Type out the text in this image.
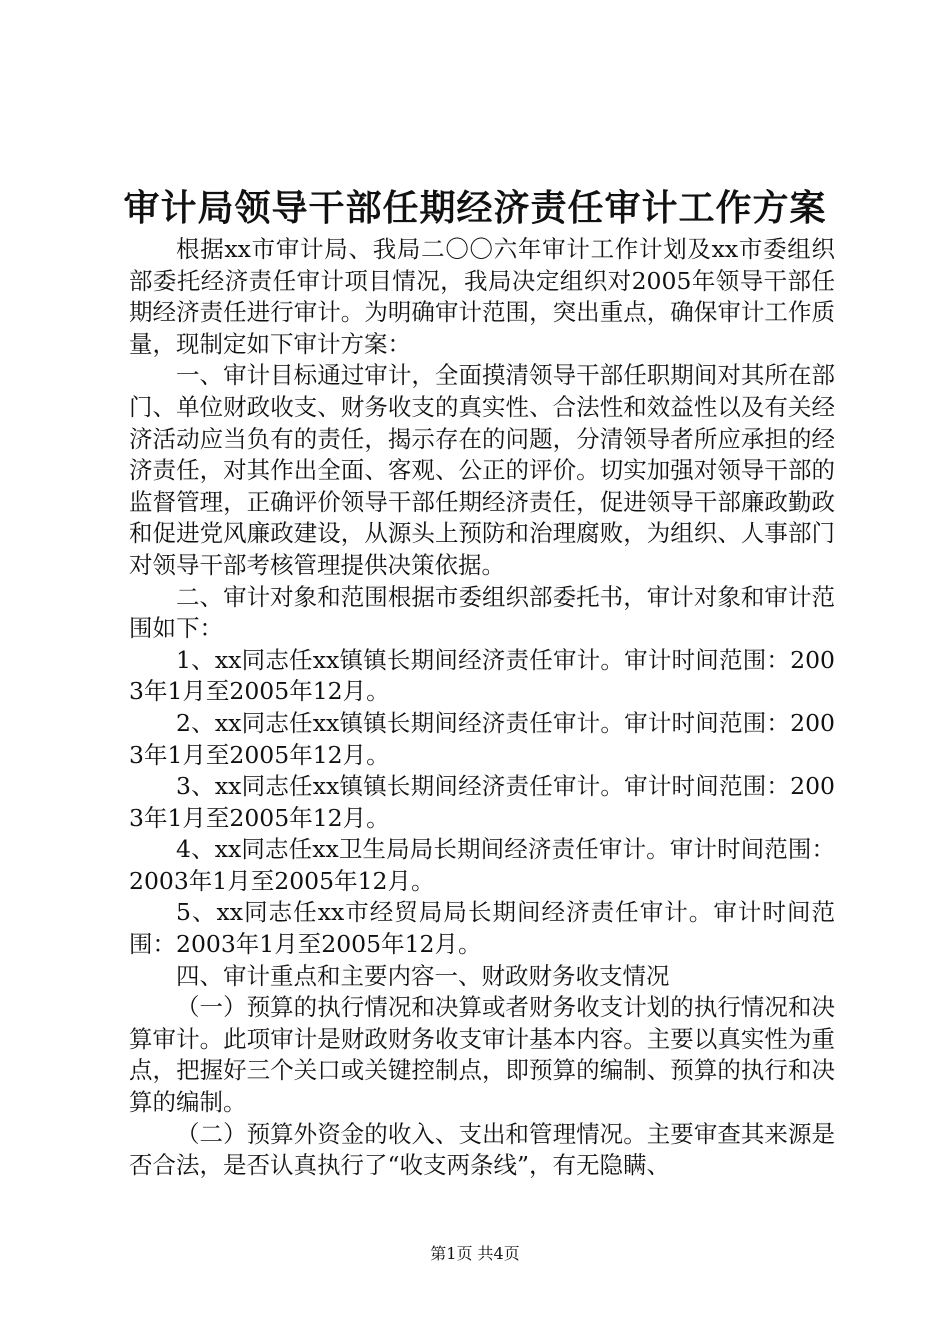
审计局领导干部任期经济责任审计工作方案

根据xx市审计局、我局二〇〇六年审计工作计划及xx市委组织部委托经济责任审计项目情况，我局决定组织对2005年领导干部任期经济责任进行审计。为明确审计范围，突出重点，确保审计工作质量，现制定如下审计方案：

一、审计目标通过审计，全面摸清领导干部任职期间对其所在部门、单位财政收支、财务收支的真实性、合法性和效益性以及有关经济活动应当负有的责任，揭示存在的问题，分清领导者所应承担的经济责任，对其作出全面、客观、公正的评价。切实加强对领导干部的监督管理，正确评价领导干部任期经济责任，促进领导干部廉政勤政和促进党风廉政建设，从源头上预防和治理腐败，为组织、人事部门对领导干部考核管理提供决策依据。

二、审计对象和范围根据市委组织部委托书，审计对象和审计范围如下：

1、xx同志任xx镇镇长期间经济责任审计。审计时间范围：2003年1月至2005年12月。

2、xx同志任xx镇镇长期间经济责任审计。审计时间范围：2003年1月至2005年12月。

3、xx同志任xx镇镇长期间经济责任审计。审计时间范围：2003年1月至2005年12月。

4、xx同志任xx卫生局局长期间经济责任审计。审计时间范围：2003年1月至2005年12月。

5、xx同志任xx市经贸局局长期间经济责任审计。审计时间范围：2003年1月至2005年12月。

四、审计重点和主要内容一、财政财务收支情况

（一）预算的执行情况和决算或者财务收支计划的执行情况和决算审计。此项审计是财政财务收支审计基本内容。主要以真实性为重点，把握好三个关口或关键控制点，即预算的编制、预算的执行和决算的编制。

（二）预算外资金的收入、支出和管理情况。主要审查其来源是否合法，是否认真执行了“收支两条线”，有无隐瞒、

第1页 共4页
